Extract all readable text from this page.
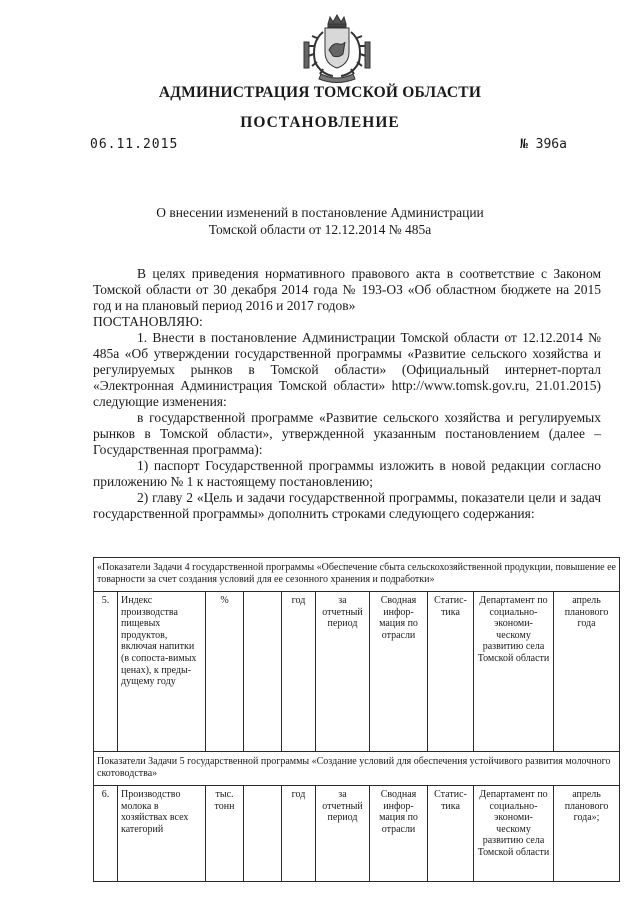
АДМИНИСТРАЦИЯ ТОМСКОЙ ОБЛАСТИ
ПОСТАНОВЛЕНИЕ
06.11.2015	№ 396а
О внесении изменений в постановление Администрации
Томской области от 12.12.2014 № 485а

В целях приведения нормативного правового акта в соответствие с Законом Томской области от 30 декабря 2014 года № 193-ОЗ «Об областном бюджете на 2015 год и на плановый период 2016 и 2017 годов»

ПОСТАНОВЛЯЮ:

1. Внести в постановление Администрации Томской области от 12.12.2014 № 485а «Об утверждении государственной программы «Развитие сельского хозяйства и регулируемых рынков в Томской области» (Официальный интернет-портал «Электронная Администрация Томской области» http://www.tomsk.gov.ru, 21.01.2015) следующие изменения:

в государственной программе «Развитие сельского хозяйства и регулируемых рынков в Томской области», утвержденной указанным постановлением (далее – Государственная программа):

1) паспорт Государственной программы изложить в новой редакции согласно приложению № 1 к настоящему постановлению;

2) главу 2 «Цель и задачи государственной программы, показатели цели и задач государственной программы» дополнить строками следующего содержания:

«Показатели Задачи 4 государственной программы «Обеспечение сбыта сельскохозяйственной продукции, повышение ее товарности за счет создания условий для ее сезонного хранения и подработки»									
5.	Индекс производства пищевых продуктов, включая напитки (в сопоста-вимых ценах), к преды-дущему году	%		год	за отчетный период	Сводная инфор-мация по отрасли	Статис-тика	Департамент по социально-экономи-ческому развитию села Томской области	апрель планового года
Показатели Задачи 5 государственной программы «Создание условий для обеспечения устойчивого развития молочного скотоводства»									
6.	Производство молока в хозяйствах всех категорий	тыс. тонн		год	за отчетный период	Сводная инфор-мация по отрасли	Статис-тика	Департамент по социально-экономи-ческому развитию села Томской области	апрель планового года»;
